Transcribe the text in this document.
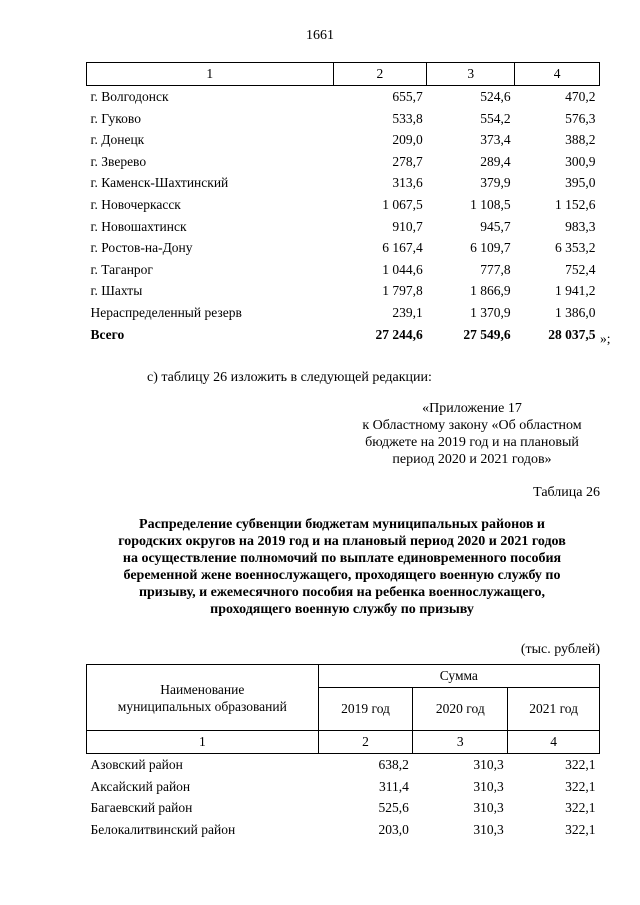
1661
1	2	3	4
г. Волгодонск	655,7	524,6	470,2
г. Гуково	533,8	554,2	576,3
г. Донецк	209,0	373,4	388,2
г. Зверево	278,7	289,4	300,9
г. Каменск-Шахтинский	313,6	379,9	395,0
г. Новочеркасск	1 067,5	1 108,5	1 152,6
г. Новошахтинск	910,7	945,7	983,3
г. Ростов-на-Дону	6 167,4	6 109,7	6 353,2
г. Таганрог	1 044,6	777,8	752,4
г. Шахты	1 797,8	1 866,9	1 941,2
Нераспределенный резерв	239,1	1 370,9	1 386,0
Всего	27 244,6	27 549,6	28 037,5 »;
с) таблицу 26 изложить в следующей редакции:
«Приложение 17
к Областному закону «Об областном
бюджете на 2019 год и на плановый
период 2020 и 2021 годов»
Таблица 26
Распределение субвенции бюджетам муниципальных районов и
городских округов на 2019 год и на плановый период 2020 и 2021 годов
на осуществление полномочий по выплате единовременного пособия
беременной жене военнослужащего, проходящего военную службу по
призыву, и ежемесячного пособия на ребенка военнослужащего,
проходящего военную службу по призыву
(тыс. рублей)
Наименование
муниципальных образований	Сумма		
	2019 год	2020 год	2021 год
1	2	3	4
Азовский район	638,2	310,3	322,1
Аксайский район	311,4	310,3	322,1
Багаевский район	525,6	310,3	322,1
Белокалитвинский район	203,0	310,3	322,1
